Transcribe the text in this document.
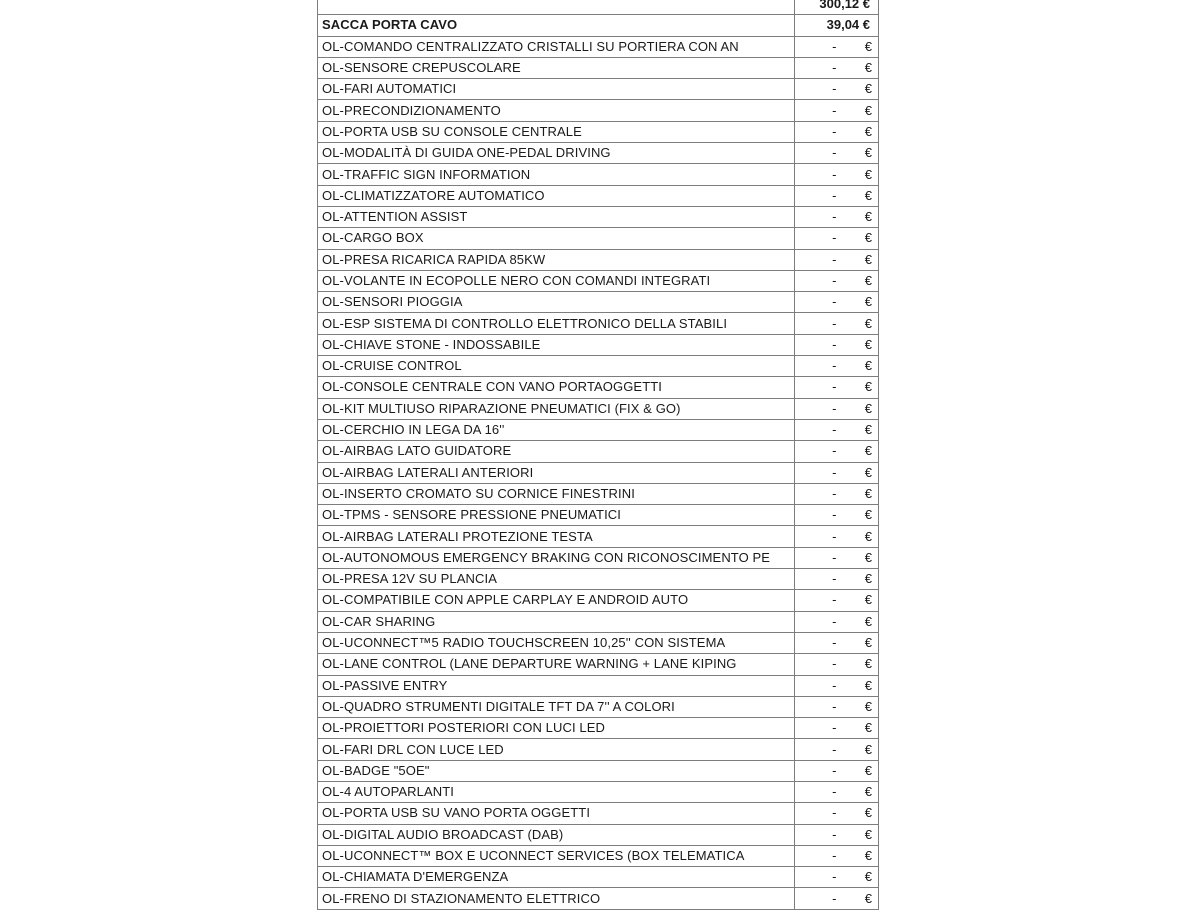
	300,12 €	
SACCA PORTA CAVO	39,04 €	
OL-COMANDO CENTRALIZZATO CRISTALLI SU PORTIERA CON AN	-	€
OL-SENSORE CREPUSCOLARE	-	€
OL-FARI AUTOMATICI	-	€
OL-PRECONDIZIONAMENTO	-	€
OL-PORTA USB SU CONSOLE CENTRALE	-	€
OL-MODALITÀ DI GUIDA ONE-PEDAL DRIVING	-	€
OL-TRAFFIC SIGN INFORMATION	-	€
OL-CLIMATIZZATORE AUTOMATICO	-	€
OL-ATTENTION ASSIST	-	€
OL-CARGO BOX	-	€
OL-PRESA RICARICA RAPIDA 85KW	-	€
OL-VOLANTE IN ECOPOLLE NERO CON COMANDI INTEGRATI	-	€
OL-SENSORI PIOGGIA	-	€
OL-ESP SISTEMA DI CONTROLLO ELETTRONICO DELLA STABILI	-	€
OL-CHIAVE STONE - INDOSSABILE	-	€
OL-CRUISE CONTROL	-	€
OL-CONSOLE CENTRALE CON VANO PORTAOGGETTI	-	€
OL-KIT MULTIUSO RIPARAZIONE PNEUMATICI (FIX & GO)	-	€
OL-CERCHIO IN LEGA DA 16''	-	€
OL-AIRBAG LATO GUIDATORE	-	€
OL-AIRBAG LATERALI ANTERIORI	-	€
OL-INSERTO CROMATO SU CORNICE FINESTRINI	-	€
OL-TPMS - SENSORE PRESSIONE PNEUMATICI	-	€
OL-AIRBAG LATERALI PROTEZIONE TESTA	-	€
OL-AUTONOMOUS EMERGENCY BRAKING CON RICONOSCIMENTO PE	-	€
OL-PRESA 12V SU PLANCIA	-	€
OL-COMPATIBILE CON APPLE CARPLAY E ANDROID AUTO	-	€
OL-CAR SHARING	-	€
OL-UCONNECT™5 RADIO TOUCHSCREEN 10,25'' CON SISTEMA	-	€
OL-LANE CONTROL (LANE DEPARTURE WARNING + LANE KIPING	-	€
OL-PASSIVE ENTRY	-	€
OL-QUADRO STRUMENTI DIGITALE TFT DA 7'' A COLORI	-	€
OL-PROIETTORI POSTERIORI CON LUCI LED	-	€
OL-FARI DRL CON LUCE LED	-	€
OL-BADGE "5OE"	-	€
OL-4 AUTOPARLANTI	-	€
OL-PORTA USB SU VANO PORTA OGGETTI	-	€
OL-DIGITAL AUDIO BROADCAST (DAB)	-	€
OL-UCONNECT™ BOX E UCONNECT SERVICES (BOX TELEMATICA	-	€
OL-CHIAMATA D'EMERGENZA	-	€
OL-FRENO DI STAZIONAMENTO ELETTRICO	-	€
